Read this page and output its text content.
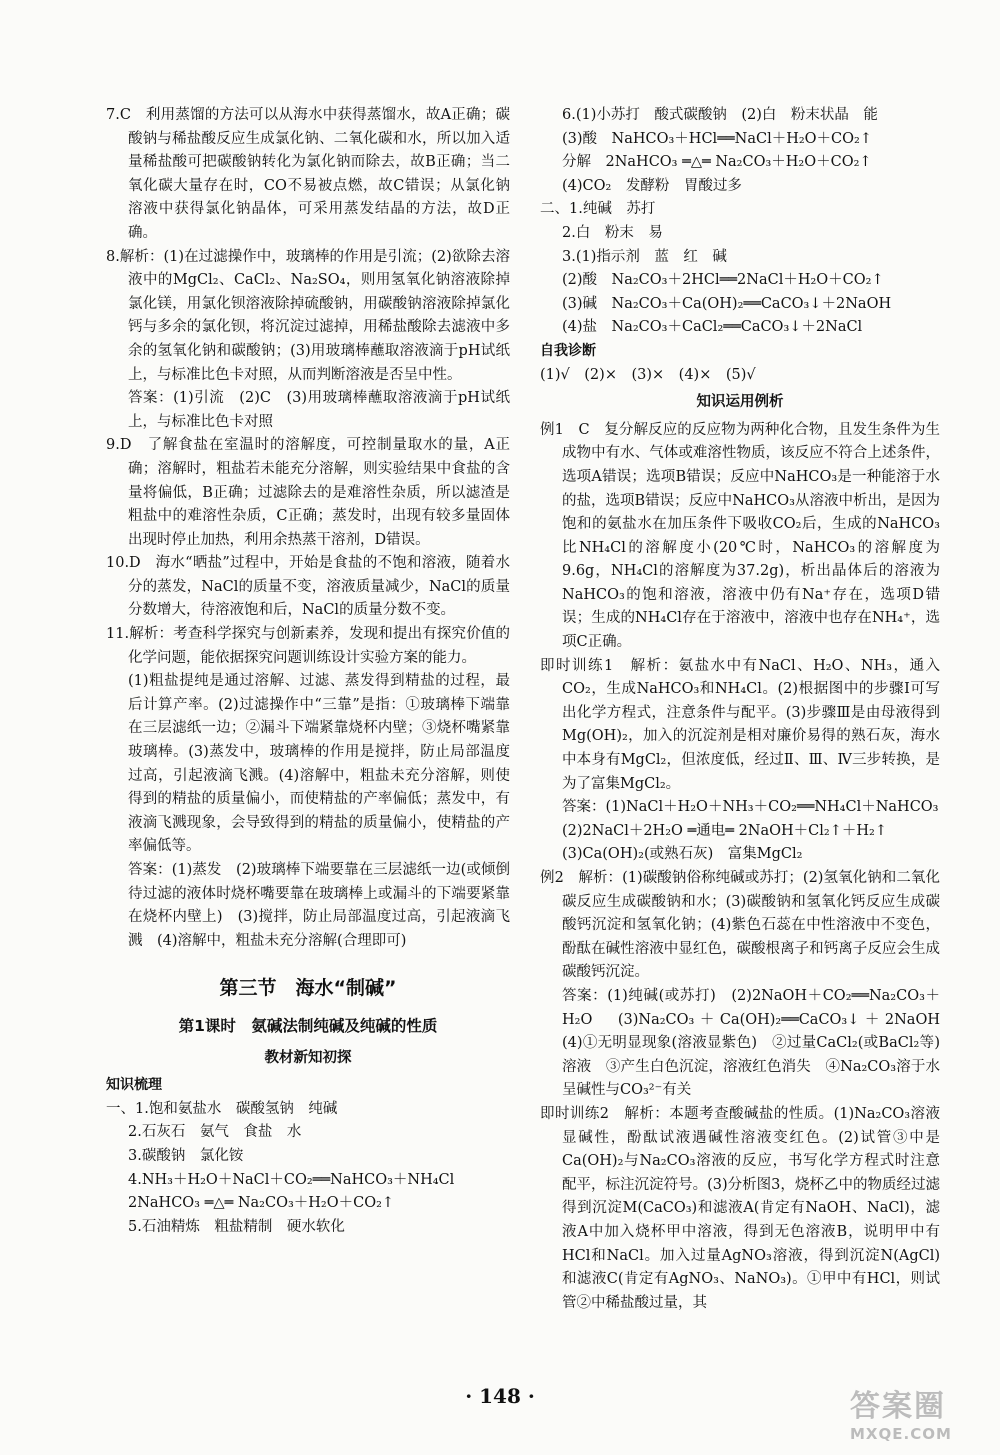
7.C　利用蒸馏的方法可以从海水中获得蒸馏水，故A正确；碳酸钠与稀盐酸反应生成氯化钠、二氧化碳和水，所以加入适量稀盐酸可把碳酸钠转化为氯化钠而除去，故B正确；当二氧化碳大量存在时，CO不易被点燃，故C错误；从氯化钠溶液中获得氯化钠晶体，可采用蒸发结晶的方法，故D正确。
8.解析：(1)在过滤操作中，玻璃棒的作用是引流；(2)欲除去溶液中的MgCl₂、CaCl₂、Na₂SO₄，则用氢氧化钠溶液除掉氯化镁，用氯化钡溶液除掉硫酸钠，用碳酸钠溶液除掉氯化钙与多余的氯化钡，将沉淀过滤掉，用稀盐酸除去滤液中多余的氢氧化钠和碳酸钠；(3)用玻璃棒蘸取溶液滴于pH试纸上，与标准比色卡对照，从而判断溶液是否呈中性。
答案：(1)引流　(2)C　(3)用玻璃棒蘸取溶液滴于pH试纸上，与标准比色卡对照
9.D　了解食盐在室温时的溶解度，可控制量取水的量，A正确；溶解时，粗盐若未能充分溶解，则实验结果中食盐的含量将偏低，B正确；过滤除去的是难溶性杂质，所以滤渣是粗盐中的难溶性杂质，C正确；蒸发时，出现有较多量固体出现时停止加热，利用余热蒸干溶剂，D错误。
10.D　海水“晒盐”过程中，开始是食盐的不饱和溶液，随着水分的蒸发，NaCl的质量不变，溶液质量减少，NaCl的质量分数增大，待溶液饱和后，NaCl的质量分数不变。
11.解析：考查科学探究与创新素养，发现和提出有探究价值的化学问题，能依据探究问题训练设计实验方案的能力。
(1)粗盐提纯是通过溶解、过滤、蒸发得到精盐的过程，最后计算产率。(2)过滤操作中“三靠”是指：①玻璃棒下端靠在三层滤纸一边；②漏斗下端紧靠烧杯内壁；③烧杯嘴紧靠玻璃棒。(3)蒸发中，玻璃棒的作用是搅拌，防止局部温度过高，引起液滴飞溅。(4)溶解中，粗盐未充分溶解，则使得到的精盐的质量偏小，而使精盐的产率偏低；蒸发中，有液滴飞溅现象，会导致得到的精盐的质量偏小，使精盐的产率偏低等。
答案：(1)蒸发　(2)玻璃棒下端要靠在三层滤纸一边(或倾倒待过滤的液体时烧杯嘴要靠在玻璃棒上或漏斗的下端要紧靠在烧杯内壁上)　(3)搅拌，防止局部温度过高，引起液滴飞溅　(4)溶解中，粗盐未充分溶解(合理即可)
第三节　海水“制碱”
第1课时　氨碱法制纯碱及纯碱的性质
教材新知初探
知识梳理
一、1.饱和氨盐水　碳酸氢钠　纯碱
2.石灰石　氨气　食盐　水
3.碳酸钠　氯化铵
4.NH₃＋H₂O＋NaCl＋CO₂══NaHCO₃＋NH₄Cl
2NaHCO₃ ═△═ Na₂CO₃＋H₂O＋CO₂↑
5.石油精炼　粗盐精制　硬水软化
6.(1)小苏打　酸式碳酸钠　(2)白　粉末状晶　能
(3)酸　NaHCO₃＋HCl══NaCl＋H₂O＋CO₂↑
分解　2NaHCO₃ ═△═ Na₂CO₃＋H₂O＋CO₂↑
(4)CO₂　发酵粉　胃酸过多
二、1.纯碱　苏打
2.白　粉末　易
3.(1)指示剂　蓝　红　碱
(2)酸　Na₂CO₃＋2HCl══2NaCl＋H₂O＋CO₂↑
(3)碱　Na₂CO₃＋Ca(OH)₂══CaCO₃↓＋2NaOH
(4)盐　Na₂CO₃＋CaCl₂══CaCO₃↓＋2NaCl
自我诊断
(1)√　(2)×　(3)×　(4)×　(5)√
知识运用例析
例1　C　复分解反应的反应物为两种化合物，且发生条件为生成物中有水、气体或难溶性物质，该反应不符合上述条件，选项A错误；选项B错误；反应中NaHCO₃是一种能溶于水的盐，选项B错误；反应中NaHCO₃从溶液中析出，是因为饱和的氨盐水在加压条件下吸收CO₂后，生成的NaHCO₃比NH₄Cl的溶解度小(20℃时，NaHCO₃的溶解度为9.6g，NH₄Cl的溶解度为37.2g)，析出晶体后的溶液为NaHCO₃的饱和溶液，溶液中仍有Na⁺存在，选项D错误；生成的NH₄Cl存在于溶液中，溶液中也存在NH₄⁺，选项C正确。
即时训练1　解析：氨盐水中有NaCl、H₂O、NH₃，通入CO₂，生成NaHCO₃和NH₄Cl。(2)根据图中的步骤Ⅰ可写出化学方程式，注意条件与配平。(3)步骤Ⅲ是由母液得到Mg(OH)₂，加入的沉淀剂是相对廉价易得的熟石灰，海水中本身有MgCl₂，但浓度低，经过Ⅱ、Ⅲ、Ⅳ三步转换，是为了富集MgCl₂。
答案：(1)NaCl＋H₂O＋NH₃＋CO₂══NH₄Cl＋NaHCO₃
(2)2NaCl＋2H₂O ═通电═ 2NaOH＋Cl₂↑＋H₂↑
(3)Ca(OH)₂(或熟石灰)　富集MgCl₂
例2　解析：(1)碳酸钠俗称纯碱或苏打；(2)氢氧化钠和二氧化碳反应生成碳酸钠和水；(3)碳酸钠和氢氧化钙反应生成碳酸钙沉淀和氢氧化钠；(4)紫色石蕊在中性溶液中不变色，酚酞在碱性溶液中显红色，碳酸根离子和钙离子反应会生成碳酸钙沉淀。
答案：(1)纯碱(或苏打)　(2)2NaOH＋CO₂══Na₂CO₃＋H₂O　(3)Na₂CO₃＋Ca(OH)₂══CaCO₃↓＋2NaOH　(4)①无明显现象(溶液显紫色)　②过量CaCl₂(或BaCl₂等)溶液　③产生白色沉淀，溶液红色消失　④Na₂CO₃溶于水呈碱性与CO₃²⁻有关
即时训练2　解析：本题考查酸碱盐的性质。(1)Na₂CO₃溶液显碱性，酚酞试液遇碱性溶液变红色。(2)试管③中是Ca(OH)₂与Na₂CO₃溶液的反应，书写化学方程式时注意配平，标注沉淀符号。(3)分析图3，烧杯乙中的物质经过滤得到沉淀M(CaCO₃)和滤液A(肯定有NaOH、NaCl)，滤液A中加入烧杯甲中溶液，得到无色溶液B，说明甲中有HCl和NaCl。加入过量AgNO₃溶液，得到沉淀N(AgCl)和滤液C(肯定有AgNO₃、NaNO₃)。①甲中有HCl，则试管②中稀盐酸过量，其
· 148 ·	答案圈
MXQE.COM
